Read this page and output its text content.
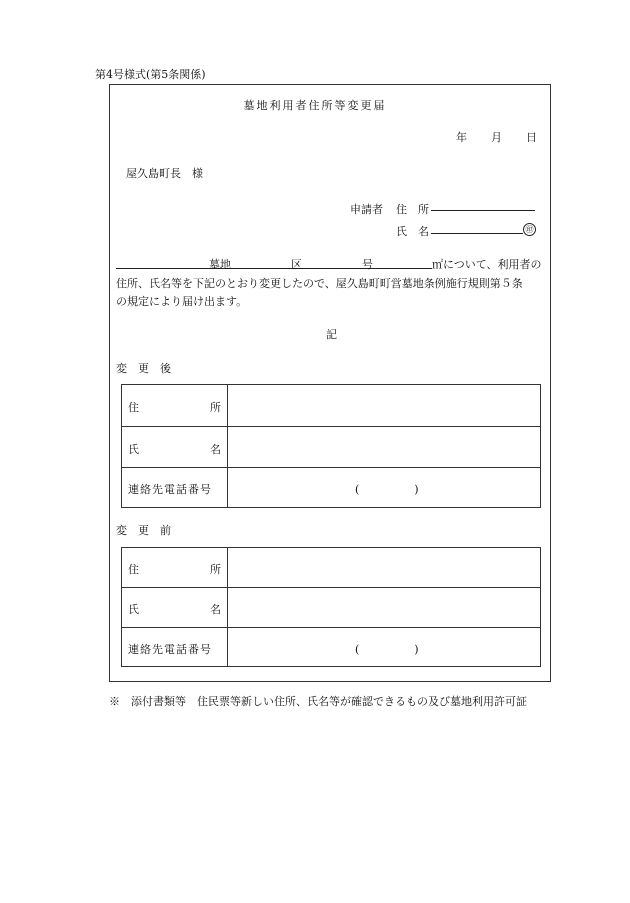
第4号様式(第5条関係)
墓地利用者住所等変更届
年 月 日
屋久島町長　様
申請者 住　所
氏　名	㊞
墓地	区	号	㎡について、利用者の
住所、氏名等を下記のとおり変更したので、屋久島町町営墓地条例施行規則第５条
の規定により届け出ます。
記
変　更　後
住	所
氏	名
連絡先電話番号	(　　　　　)
変　更　前
住	所
氏	名
連絡先電話番号	(　　　　　)
※　添付書類等　住民票等新しい住所、氏名等が確認できるもの及び墓地利用許可証
